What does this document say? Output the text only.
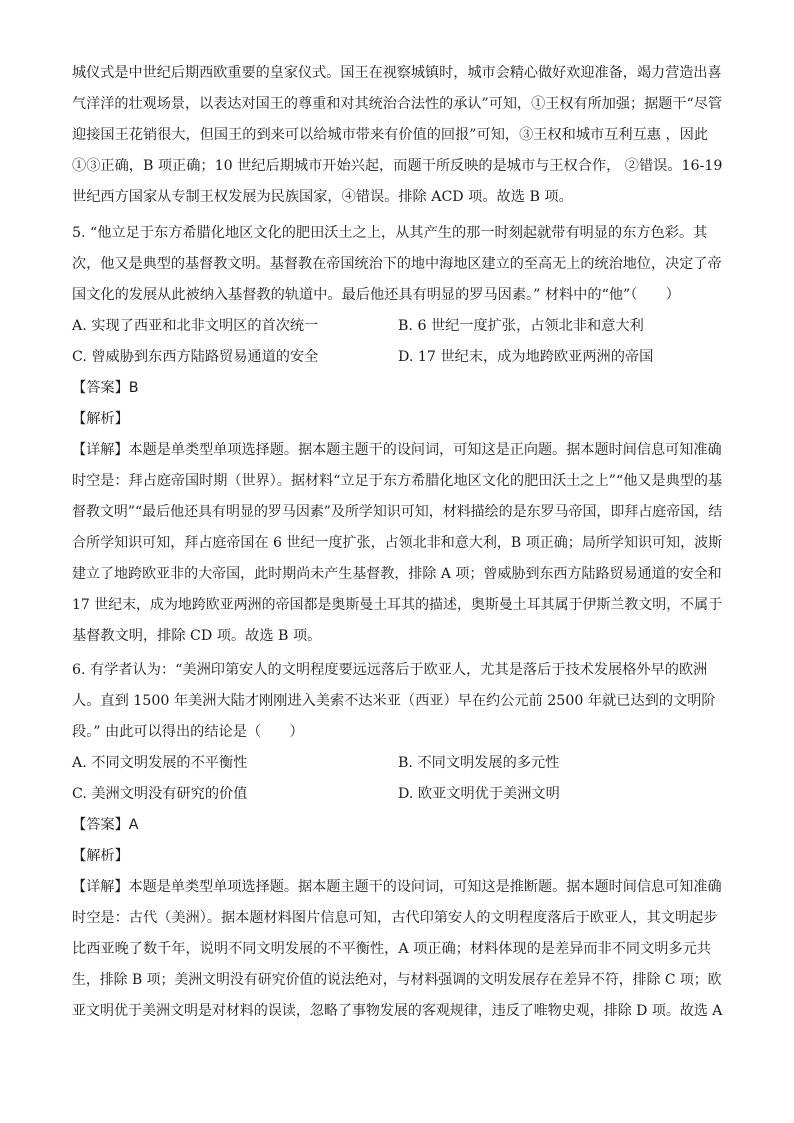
城仪式是中世纪后期西欧重要的皇家仪式。国王在视察城镇时，城市会精心做好欢迎准备，竭力营造出喜
气洋洋的壮观场景，以表达对国王的尊重和对其统治合法性的承认”可知，①王权有所加强；据题干“尽管
迎接国王花销很大，但国王的到来可以给城市带来有价值的回报”可知，③王权和城市互利互惠 ，因此
①③正确，B 项正确；10 世纪后期城市开始兴起，而题干所反映的是城市与王权合作， ②错误。16-19
世纪西方国家从专制王权发展为民族国家，④错误。排除 ACD 项。故选 B 项。
5. “他立足于东方希腊化地区文化的肥田沃土之上，从其产生的那一时刻起就带有明显的东方色彩。其
次，他又是典型的基督教文明。基督教在帝国统治下的地中海地区建立的至高无上的统治地位，决定了帝
国文化的发展从此被纳入基督教的轨道中。最后他还具有明显的罗马因素。” 材料中的“他”（　　）
A. 实现了西亚和北非文明区的首次统一	B. 6 世纪一度扩张，占领北非和意大利
C. 曾威胁到东西方陆路贸易通道的安全	D. 17 世纪末，成为地跨欧亚两洲的帝国
【答案】B
【解析】
【详解】本题是单类型单项选择题。据本题主题干的设问词，可知这是正向题。据本题时间信息可知准确
时空是：拜占庭帝国时期（世界）。据材料“立足于东方希腊化地区文化的肥田沃土之上”“他又是典型的基
督教文明”“最后他还具有明显的罗马因素”及所学知识可知，材料描绘的是东罗马帝国，即拜占庭帝国，结
合所学知识可知，拜占庭帝国在 6 世纪一度扩张，占领北非和意大利，B 项正确；局所学知识可知，波斯
建立了地跨欧亚非的大帝国，此时期尚未产生基督教，排除 A 项；曾威胁到东西方陆路贸易通道的安全和
17 世纪末，成为地跨欧亚两洲的帝国都是奥斯曼土耳其的描述，奥斯曼土耳其属于伊斯兰教文明，不属于
基督教文明，排除 CD 项。故选 B 项。
6. 有学者认为：“美洲印第安人的文明程度要远远落后于欧亚人，尤其是落后于技术发展格外早的欧洲
人。直到 1500 年美洲大陆才刚刚进入美索不达米亚（西亚）早在约公元前 2500 年就已达到的文明阶
段。” 由此可以得出的结论是（　　）
A. 不同文明发展的不平衡性	B. 不同文明发展的多元性
C. 美洲文明没有研究的价值	D. 欧亚文明优于美洲文明
【答案】A
【解析】
【详解】本题是单类型单项选择题。据本题主题干的设问词，可知这是推断题。据本题时间信息可知准确
时空是：古代（美洲）。据本题材料图片信息可知，古代印第安人的文明程度落后于欧亚人，其文明起步
比西亚晚了数千年，说明不同文明发展的不平衡性，A 项正确；材料体现的是差异而非不同文明多元共
生，排除 B 项；美洲文明没有研究价值的说法绝对，与材料强调的文明发展存在差异不符，排除 C 项；欧
亚文明优于美洲文明是对材料的误读，忽略了事物发展的客观规律，违反了唯物史观，排除 D 项。故选 A
